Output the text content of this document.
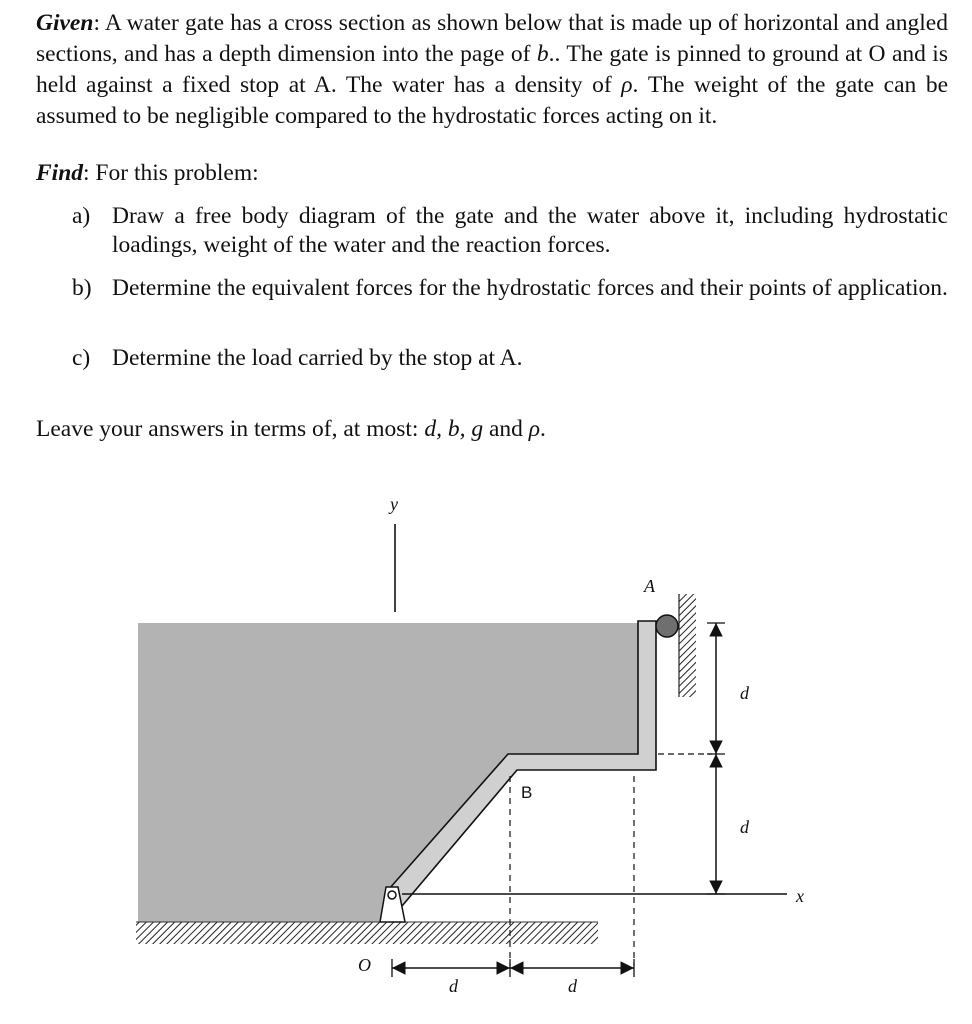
Given: A water gate has a cross section as shown below that is made up of horizontal and angled sections, and has a depth dimension into the page of b.. The gate is pinned to ground at O and is held against a fixed stop at A. The water has a density of ρ. The weight of the gate can be assumed to be negligible compared to the hydrostatic forces acting on it.

Find: For this problem:

a) Draw a free body diagram of the gate and the water above it, including hydrostatic loadings, weight of the water and the reaction forces.
b) Determine the equivalent forces for the hydrostatic forces and their points of application.
c) Determine the load carried by the stop at A.

Leave your answers in terms of, at most: d, b, g and ρ.

y
x
A
B
O
d	d
d
d
